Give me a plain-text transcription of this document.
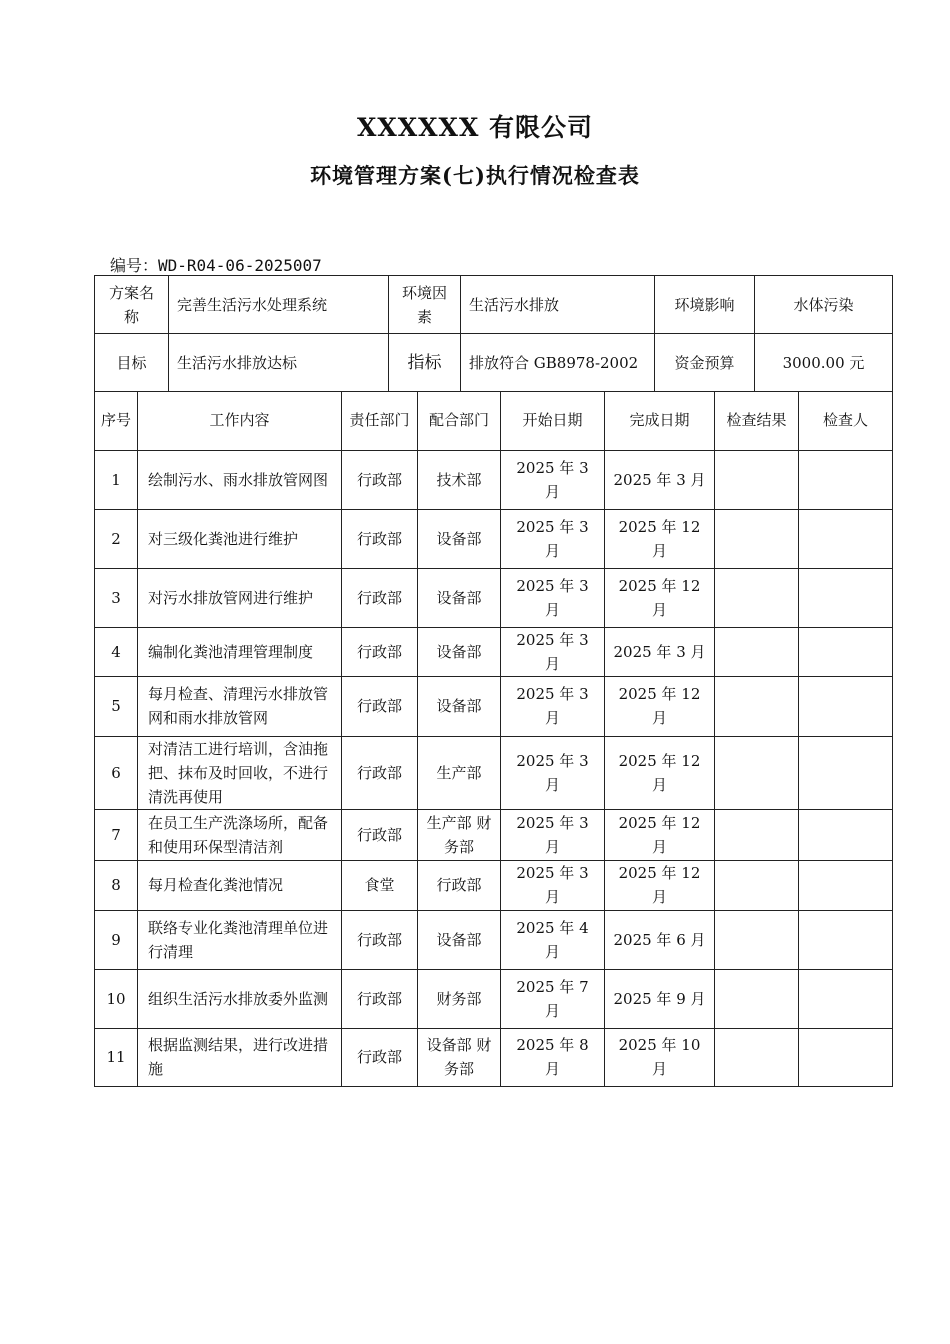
XXXXXX 有限公司
环境管理方案(七)执行情况检查表
编号：WD-R04-06-2025007
方案名称	完善生活污水处理系统	环境因素	生活污水排放	环境影响	水体污染
目标	生活污水排放达标	指标	排放符合 GB8978-2002	资金预算	3000.00 元
序号	工作内容	责任部门	配合部门	开始日期	完成日期	检查结果	检查人
1	绘制污水、雨水排放管网图	行政部	技术部	2025 年 3 月	2025 年 3 月		
2	对三级化粪池进行维护	行政部	设备部	2025 年 3 月	2025 年 12 月		
3	对污水排放管网进行维护	行政部	设备部	2025 年 3 月	2025 年 12 月		
4	编制化粪池清理管理制度	行政部	设备部	2025 年 3 月	2025 年 3 月		
5	每月检查、清理污水排放管网和雨水排放管网	行政部	设备部	2025 年 3 月	2025 年 12 月		
6	对清洁工进行培训，含油拖把、抹布及时回收，不进行清洗再使用	行政部	生产部	2025 年 3 月	2025 年 12 月		
7	在员工生产洗涤场所，配备和使用环保型清洁剂	行政部	生产部 财务部	2025 年 3 月	2025 年 12 月		
8	每月检查化粪池情况	食堂	行政部	2025 年 3 月	2025 年 12 月		
9	联络专业化粪池清理单位进行清理	行政部	设备部	2025 年 4 月	2025 年 6 月		
10	组织生活污水排放委外监测	行政部	财务部	2025 年 7 月	2025 年 9 月		
11	根据监测结果，进行改进措施	行政部	设备部 财务部	2025 年 8 月	2025 年 10 月		
